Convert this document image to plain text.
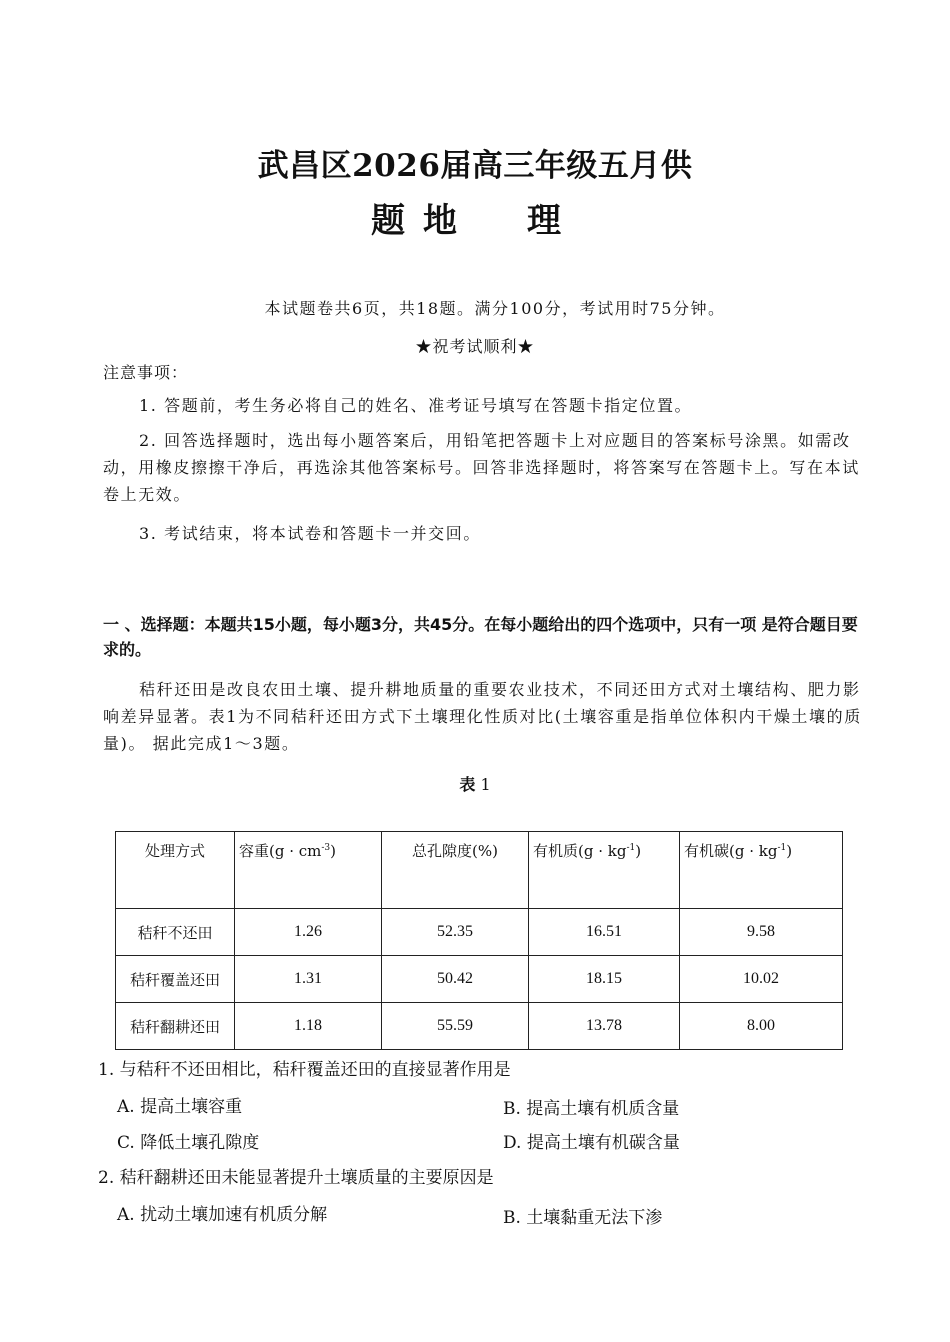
武昌区2026届高三年级五月供
题地　理
本试题卷共6页，共18题。满分100分，考试用时75分钟。
★祝考试顺利★
注意事项：
1. 答题前，考生务必将自己的姓名、准考证号填写在答题卡指定位置。
2. 回答选择题时，选出每小题答案后，用铅笔把答题卡上对应题目的答案标号涂黑。如需改动，用橡皮擦擦干净后，再选涂其他答案标号。回答非选择题时，将答案写在答题卡上。写在本试卷上无效。
3. 考试结束，将本试卷和答题卡一并交回。
一 、选择题：本题共15小题，每小题3分，共45分。在每小题给出的四个选项中，只有一项 是符合题目要求的。
秸秆还田是改良农田土壤、提升耕地质量的重要农业技术，不同还田方式对土壤结构、肥力影响差异显著。表1为不同秸秆还田方式下土壤理化性质对比(土壤容重是指单位体积内干燥土壤的质量)。 据此完成1～3题。
表 1
处理方式	容重$(g \cdot cm^{-3})$	总孔隙度(%)	有机质$(g \cdot kg^{-1})$	有机碳$(g \cdot kg^{-1})$
秸秆不还田	1.26	52.35	16.51	9.58
秸秆覆盖还田	1.31	50.42	18.15	10.02
秸秆翻耕还田	1.18	55.59	13.78	8.00
1. 与秸秆不还田相比，秸秆覆盖还田的直接显著作用是
A. 提高土壤容重	B. 提高土壤有机质含量
C. 降低土壤孔隙度	D. 提高土壤有机碳含量
2. 秸秆翻耕还田未能显著提升土壤质量的主要原因是
A. 扰动土壤加速有机质分解	B. 土壤黏重无法下渗
